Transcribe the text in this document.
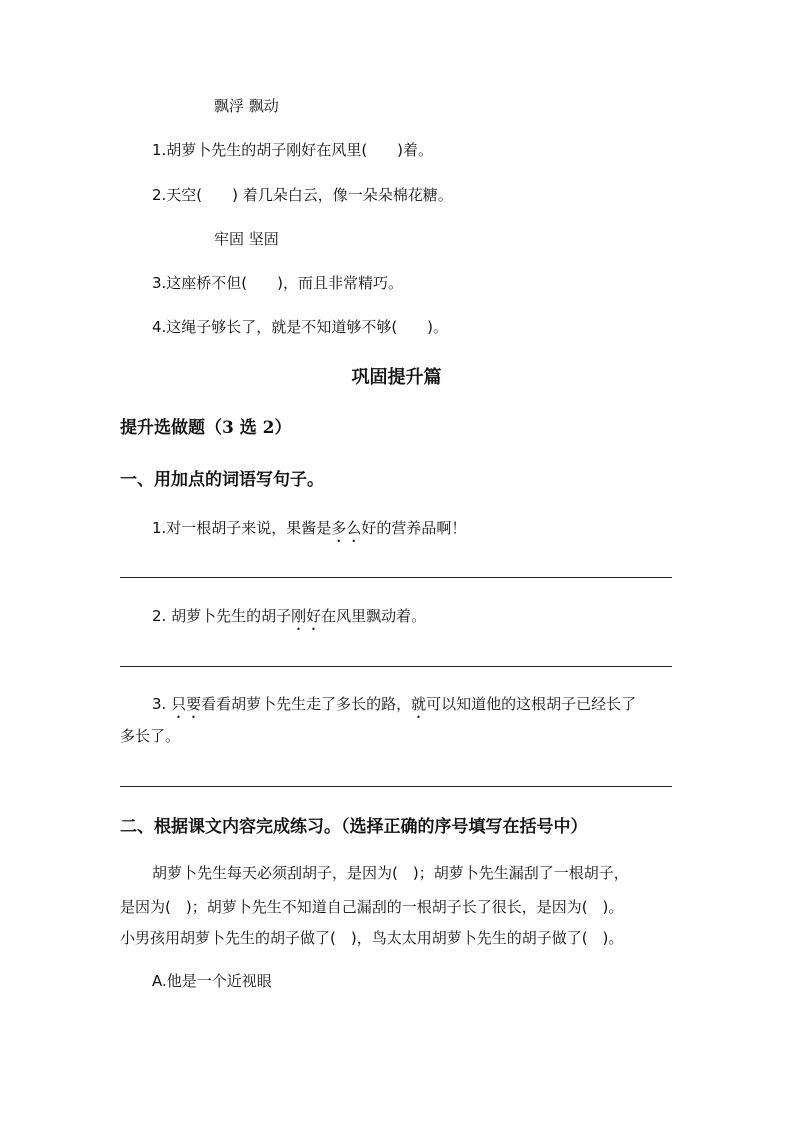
飘浮 飘动
1.胡萝卜先生的胡子刚好在风里(　　)着。
2.天空(　　) 着几朵白云，像一朵朵棉花糖。
牢固 坚固
3.这座桥不但(　　)，而且非常精巧。
4.这绳子够长了，就是不知道够不够(　　)。
巩固提升篇
提升选做题（3 选 2）
一、用加点的词语写句子。
1.对一根胡子来说，果酱是多么好的营养品啊！
2. 胡萝卜先生的胡子刚好在风里飘动着。
3. 只要看看胡萝卜先生走了多长的路，就可以知道他的这根胡子已经长了
多长了。
二、根据课文内容完成练习。（选择正确的序号填写在括号中）
胡萝卜先生每天必须刮胡子，是因为(　)；胡萝卜先生漏刮了一根胡子，
是因为(　)；胡萝卜先生不知道自己漏刮的一根胡子长了很长，是因为(　)。
小男孩用胡萝卜先生的胡子做了(　)，鸟太太用胡萝卜先生的胡子做了(　)。
A.他是一个近视眼
